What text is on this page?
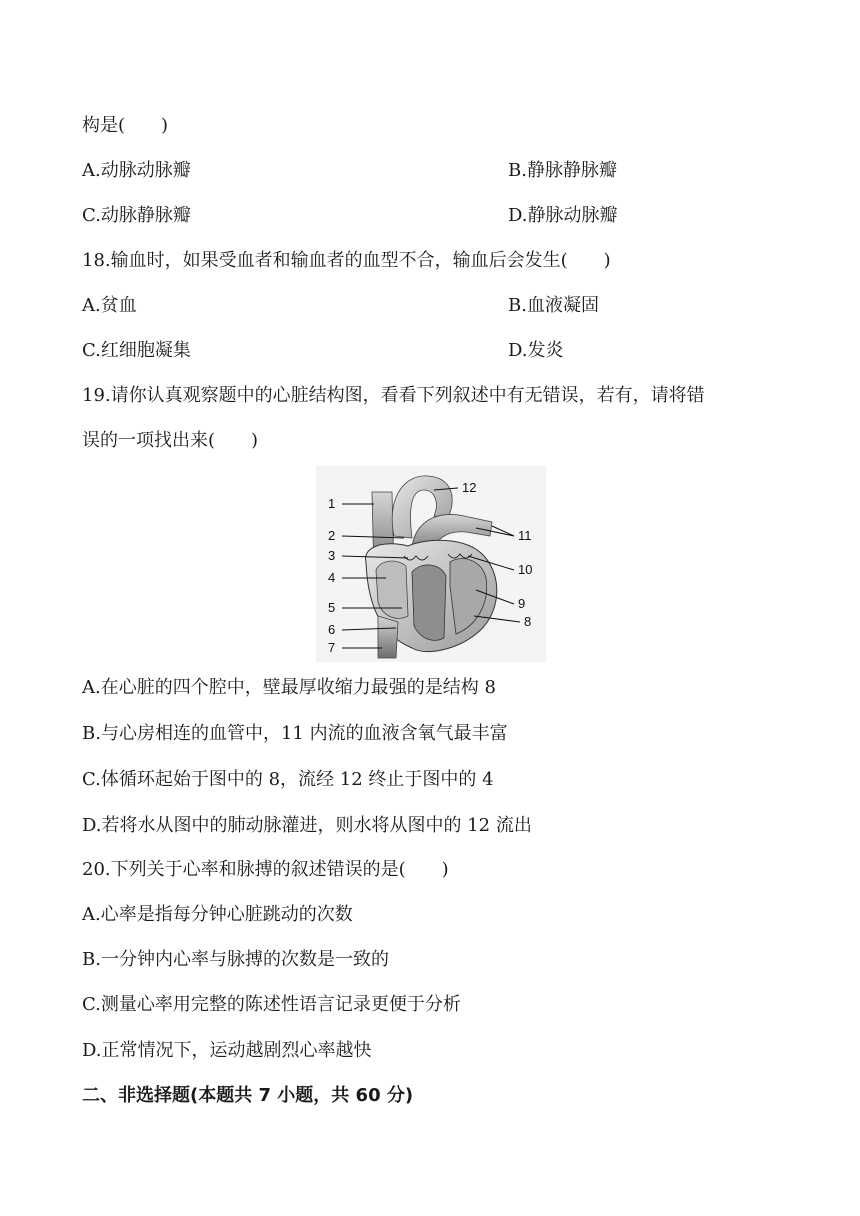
构是(　　)
A.动脉动脉瓣	B.静脉静脉瓣
C.动脉静脉瓣	D.静脉动脉瓣
18.输血时，如果受血者和输血者的血型不合，输血后会发生(　　)
A.贫血	B.血液凝固
C.红细胞凝集	D.发炎
19.请你认真观察题中的心脏结构图，看看下列叙述中有无错误，若有，请将错
误的一项找出来(　　)
1
2
3
4
5
6
7
8
9
10
11
12
A.在心脏的四个腔中，壁最厚收缩力最强的是结构 8
B.与心房相连的血管中，11 内流的血液含氧气最丰富
C.体循环起始于图中的 8，流经 12 终止于图中的 4
D.若将水从图中的肺动脉灌进，则水将从图中的 12 流出
20.下列关于心率和脉搏的叙述错误的是(　　)
A.心率是指每分钟心脏跳动的次数
B.一分钟内心率与脉搏的次数是一致的
C.测量心率用完整的陈述性语言记录更便于分析
D.正常情况下，运动越剧烈心率越快
二、非选择题(本题共 7 小题，共 60 分)
